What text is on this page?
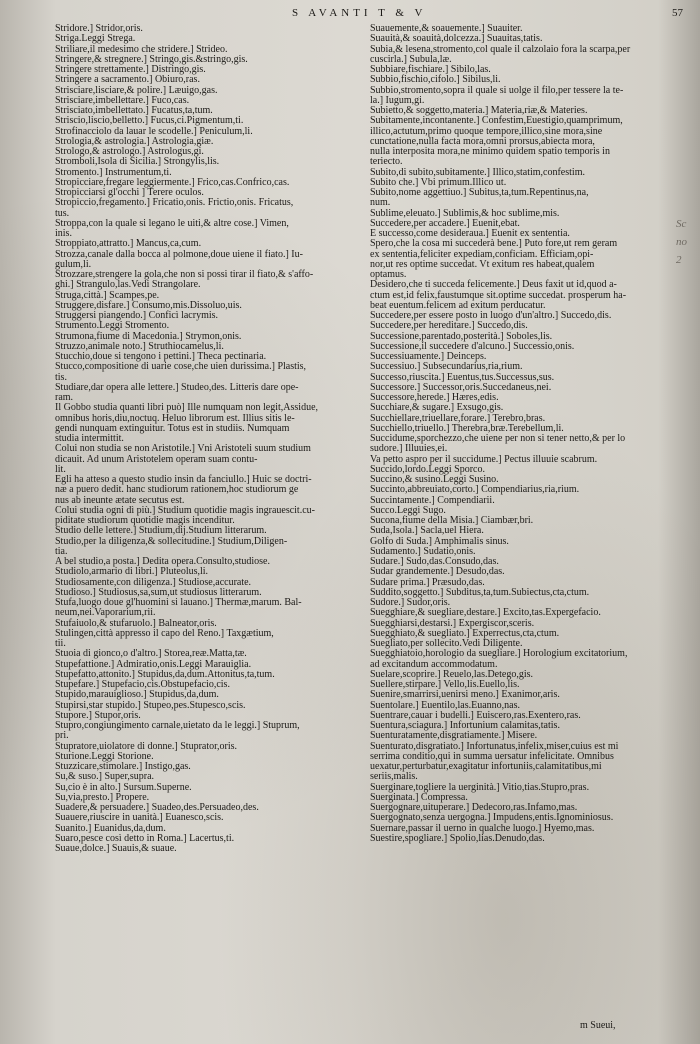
S AVANTI T & V	57
Stridore.] Stridor,oris.
Striga.Leggi Strega.
Striliare,il medesimo che stridere.] Strideo.
Stringere,& stregnere.] Stringo,gis.&stringo,gis.
Stringere strettamente.] Distringo,gis.
Stringere a sacramento.] Obiuro,ras.
Strisciare,lisciare,& polire.] Læuigo,gas.
Strisciare,imbellettare.] Fuco,cas.
Strisciato,imbellettato.] Fucatus,ta,tum.
Striscio,liscio,belletto.] Fucus,ci.Pigmentum,ti.
Strofinacciolo da lauar le scodelle.] Peniculum,li.
Strologia,& astrologia.] Astrologia,giæ.
Strologo,& astrologo.] Astrologus,gi.
Stromboli,Isola di Sicilia.] Strongylis,lis.
Stromento.] Instrumentum,ti.
Stropicciare,fregare leggiermente.] Frico,cas.Confrico,cas.
Stropicciarsi gl'occhi ] Terere oculos.
Stropiccio,fregamento.] Fricatio,onis. Frictio,onis. Fricatus,
tus.
Stroppa,con la quale si legano le uiti,& altre cose.] Vimen,
inis.
Stroppiato,attratto.] Mancus,ca,cum.
Strozza,canale dalla bocca al polmone,doue uiene il fiato.] Iu-
gulum,li.
Strozzare,strengere la gola,che non si possi tirar il fiato,& s'affo-
ghi.] Strangulo,las.Vedi Strangolare.
Struga,città.] Scampes,pe.
Struggere,disfare.] Consumo,mis.Dissoluo,uis.
Struggersi piangendo.] Conficì lacrymis.
Strumento.Leggi Stromento.
Strumona,fiume di Macedonia.] Strymon,onis.
Struzzo,animale noto.] Struthiocamelus,li.
Stucchio,doue si tengono i pettini.] Theca pectinaria.
Stucco,compositione di uarie cose,che uien durissima.] Plastis,
tis.
Studiare,dar opera alle lettere.] Studeo,des. Litteris dare ope-
ram.
Il Gobbo studia quanti libri può] Ille numquam non legit,Assidue,
omnibus horis,diu,noctuq. Heluo librorum est. Illius sitis le-
gendi nunquam extinguitur. Totus est in studiis. Numquam
studia intermittit.
Colui non studia se non Aristotile.] Vni Aristoteli suum studium
dicauit. Ad unum Aristotelem operam suam contu-
lit.
Egli ha atteso a questo studio insin da fanciullo.] Huic se doctri-
næ a puero dedit. hanc studiorum rationem,hoc studiorum ge
nus ab ineunte ætate secutus est.
Colui studia ogni dì più.] Studium quotidie magis ingrauescit.cu-
piditate studiorum quotidie magis incenditur.
Studio delle lettere.] Studium,dij.Studium litterarum.
Studio,per la diligenza,& sollecitudine.] Studium,Diligen-
tia.
A bel studio,a posta.] Dedita opera.Consulto,studiose.
Studiolo,armario di libri.] Pluteolus,li.
Studiosamente,con diligenza.] Studiose,accurate.
Studioso.] Studiosus,sa,sum,ut studiosus litterarum.
Stufa,luogo doue gl'huomini si lauano.] Thermæ,marum. Bal-
neum,nei.Vaporarium,rii.
Stufaiuolo,& stufaruolo.] Balneator,oris.
Stulingen,città appresso il capo del Reno.] Taxgætium,
tii.
Stuoia di gionco,o d'altro.] Storea,reæ.Matta,tæ.
Stupefattione.] Admiratio,onis.Leggi Marauiglia.
Stupefatto,attonito.] Stupidus,da,dum.Attonitus,ta,tum.
Stupefare.] Stupefacio,cis.Obstupefacio,cis.
Stupido,marauiglioso.] Stupidus,da,dum.
Stupirsi,star stupido.] Stupeo,pes.Stupesco,scis.
Stupore.] Stupor,oris.
Stupro,congiungimento carnale,uietato da le leggi.] Stuprum,
pri.
Stupratore,uiolatore di donne.] Stuprator,oris.
Sturione.Leggi Storione.
Stuzzicare,stimolare.] Instigo,gas.
Su,& suso.] Super,supra.
Su,cio è in alto.] Sursum.Superne.
Su,via,presto.] Propere.
Suadere,& persuadere.] Suadeo,des.Persuadeo,des.
Suauere,riuscire in uanità.] Euanesco,scis.
Suanito.] Euanidus,da,dum.
Suaro,pesce così detto in Roma.] Lacertus,ti.
Suaue,dolce.] Suauis,& suaue.
Suauemente,& soauemente.] Suauiter.
Suauità,& soauità,dolcezza.] Suauitas,tatis.
Subia,& lesena,stromento,col quale il calzolaio fora la scarpa,per
cuscirla.] Subula,læ.
Subbiare,fischiare.] Sibilo,las.
Subbio,fischio,cifolo.] Sibilus,li.
Subbio,stromento,sopra il quale si uolge il filo,per tessere la te-
la.] Iugum,gi.
Subietto,& soggetto,materia.] Materia,riæ,& Materies.
Subitamente,incontanente.] Confestim,Euestigio,quamprimum,
illico,actutum,primo quoque tempore,illico,sine mora,sine
cunctatione,nulla facta mora,omni prorsus,abiecta mora,
nulla interposita mora,ne minimo quidem spatio temporis in
teriecto.
Subito,di subito,subitamente.] Illico,statim,confestim.
Subito che.] Vbi primum.Illico ut.
Subito,nome aggettiuo.] Subitus,ta,tum.Repentinus,na,
num.
Sublime,eleuato.] Sublimis,& hoc sublime,mis.
Succedere,per accadere.] Euenit,ebat.
E successo,come desideraua.] Euenit ex sententia.
Spero,che la cosa mi succederà bene.] Puto fore,ut rem geram
ex sententia,feliciter expediam,conficiam. Efficiam,opi-
nor,ut res optime succedat. Vt exitum res habeat,qualem
optamus.
Desidero,che ti succeda felicemente.] Deus faxit ut id,quod a-
ctum est,id felix,faustumque sit.optime succedat. prosperum ha-
beat euentum.felicem ad exitum perducatur.
Succedere,per essere posto in luogo d'un'altro.] Succedo,dis.
Succedere,per hereditare.] Succedo,dis.
Successione,parentado,posterità.] Soboles,lis.
Successione,il succedere d'alcuno.] Successio,onis.
Successiuamente.] Deinceps.
Successiuo.] Subsecundarius,ria,rium.
Successo,riuscita.] Euentus,tus.Successus,sus.
Successore.] Successor,oris.Succedaneus,nei.
Successore,herede.] Hæres,edis.
Succhiare,& sugare.] Exsugo,gis.
Succhiellare,triuellare,forare.] Terebro,bras.
Succhiello,triuello.] Therebra,bræ.Terebellum,li.
Succidume,sporchezzo,che uiene per non si tener netto,& per lo
sudore.] Illuuies,ei.
Va petto aspro per il succidume.] Pectus illuuie scabrum.
Succido,lordo.Leggi Sporco.
Succino,& susino.Leggi Susino.
Succinto,abbreuiato,corto.] Compendiarius,ria,rium.
Succintamente.] Compendiarii.
Succo.Leggi Sugo.
Sucona,fiume della Misia.] Ciambær,bri.
Suda,Isola.] Sacla,uel Hiera.
Golfo di Suda.] Amphimalis sinus.
Sudamento.] Sudatio,onis.
Sudare.] Sudo,das.Consudo,das.
Sudar grandemente.] Desudo,das.
Sudare prima.] Præsudo,das.
Suddito,soggetto.] Subditus,ta,tum.Subiectus,cta,ctum.
Sudore.] Sudor,oris.
Suegghiare,& suegliare,destare.] Excito,tas.Expergefacio.
Suegghiarsi,destarsi.] Expergiscor,sceris.
Suegghiato,& suegliato.] Experrectus,cta,ctum.
Suegliato,per sollecito.Vedi Diligente.
Suegghiatoio,horologio da suegliare.] Horologium excitatorium,
ad excitandum accommodatum.
Suelare,scoprire.] Reuelo,las.Detego,gis.
Suellere,stirpare.] Vello,lis.Euello,lis.
Suenire,smarrirsi,uenirsi meno.] Exanimor,aris.
Suentolare.] Euentilo,las.Euanno,nas.
Suentrare,cauar i budelli.] Euiscero,ras.Exentero,ras.
Suentura,sciagura.] Infortunium calamitas,tatis.
Suenturatamente,disgratiamente.] Misere.
Suenturato,disgratiato.] Infortunatus,infelix,miser,cuius est mi
serrima conditio,qui in summa uersatur infelicitate. Omnibus
uexatur,perturbatur,exagitatur infortuniis,calamitatibus,mi
seriis,malis.
Suerginare,togliere la uerginità.] Vitio,tias.Stupro,pras.
Suerginata.] Compressa.
Suergognare,uituperare.] Dedecoro,ras.Infamo,mas.
Suergognato,senza uergogna.] Impudens,entis.Ignominiosus.
Suernare,passar il uerno in qualche luogo.] Hyemo,mas.
Suestire,spogliare.] Spolio,lias.Denudo,das.
Sc
no
2
m Sueui,
